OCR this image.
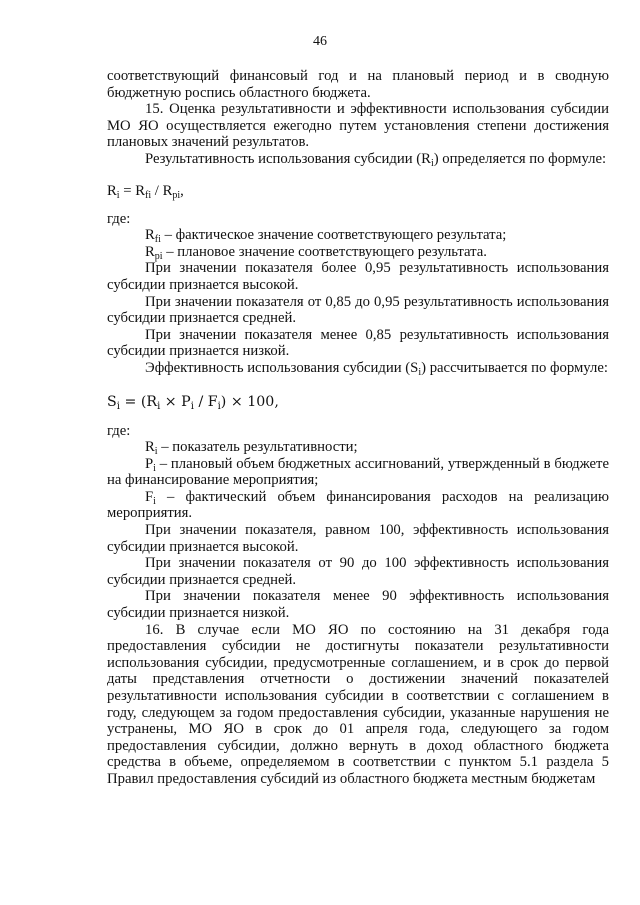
46

соответствующий финансовый год и на плановый период и в сводную бюджетную роспись областного бюджета.

15. Оценка результативности и эффективности использования субсидии МО ЯО осуществляется ежегодно путем установления степени достижения плановых значений результатов.

Результативность использования субсидии $(R_i)$ определяется по формуле:

$R_i = R_{fi} / R_{pi}$,

где:

$R_{fi}$ – фактическое значение соответствующего результата;

$R_{pi}$ – плановое значение соответствующего результата.

При значении показателя более 0,95 результативность использования субсидии признается высокой.

При значении показателя от 0,85 до 0,95 результативность использования субсидии признается средней.

При значении показателя менее 0,85 результативность использования субсидии признается низкой.

Эффективность использования субсидии $(S_i)$ рассчитывается по формуле:

$S_i = (R_i \times P_i / F_i) \times 100$,

где:

$R_i$ – показатель результативности;

$P_i$ – плановый объем бюджетных ассигнований, утвержденный в бюджете на финансирование мероприятия;

$F_i$ – фактический объем финансирования расходов на реализацию мероприятия.

При значении показателя, равном 100, эффективность использования субсидии признается высокой.

При значении показателя от 90 до 100 эффективность использования субсидии признается средней.

При значении показателя менее 90 эффективность использования субсидии признается низкой.

16. В случае если МО ЯО по состоянию на 31 декабря года предоставления субсидии не достигнуты показатели результативности использования субсидии, предусмотренные соглашением, и в срок до первой даты представления отчетности о достижении значений показателей результативности использования субсидии в соответствии с соглашением в году, следующем за годом предоставления субсидии, указанные нарушения не устранены, МО ЯО в срок до 01 апреля года, следующего за годом предоставления субсидии, должно вернуть в доход областного бюджета средства в объеме, определяемом в соответствии с пунктом 5.1 раздела 5 Правил предоставления субсидий из областного бюджета местным бюджетам
